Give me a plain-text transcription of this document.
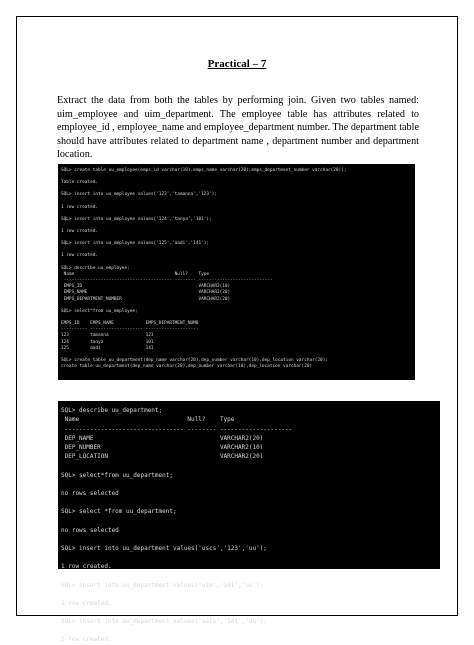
Practical – 7
Extract the data from both the tables by performing join. Given two tables named: uim_employee and uim_department. The employee table has attributes related to employee_id , employee_name and employee_department number. The department table should have attributes related to department name , department number and department location.
SQL> create table uu_employee(emps_id varchar(10),emps_name varchar(20),emps_department_number varchar(20));
Table created.
SQL> insert into uu_employee values('123','tamanna','123');
1 row created.
SQL> insert into uu_employee values('124','tanya','101');
1 row created.
SQL> insert into uu_employee values('125','aadi','141');
1 row created.
SQL> describe uu_employee;
Name                                      Null?    Type
----------------------------------------- -------- ----------------------------
EMPS_ID                                            VARCHAR2(10)
EMPS_NAME                                          VARCHAR2(20)
EMPS_DEPARTMENT_NUMBER                             VARCHAR2(20)
SQL> select*from uu_employee;
EMPS_ID    EMPS_NAME            EMPS_DEPARTMENT_NUMB
---------- -------------------- --------------------
123        tamanna              123
124        tanya                101
125        aadi                 141
SQL> create table uu_department(dep_name varchar(20),dep_number varchar(10),dep_location varchar(20);
create table uu_department(dep_name varchar(20),dep_number varchar(10),dep_location varchar(20)
SQL> describe uu_department;
Name                              Null?    Type
--------------------------------- -------- --------------------
DEP_NAME                                   VARCHAR2(20)
DEP_NUMBER                                 VARCHAR2(10)
DEP_LOCATION                               VARCHAR2(20)
SQL> select*from uu_department;
no rows selected
SQL> select *from uu_department;
no rows selected
SQL> insert into uu_department values('uscs','123','uu');
1 row created.
SQL> insert into uu_department values('uim','101','uu');
1 row created.
SQL> insert into uu_department values('sals','141','uu');
1 row created.
